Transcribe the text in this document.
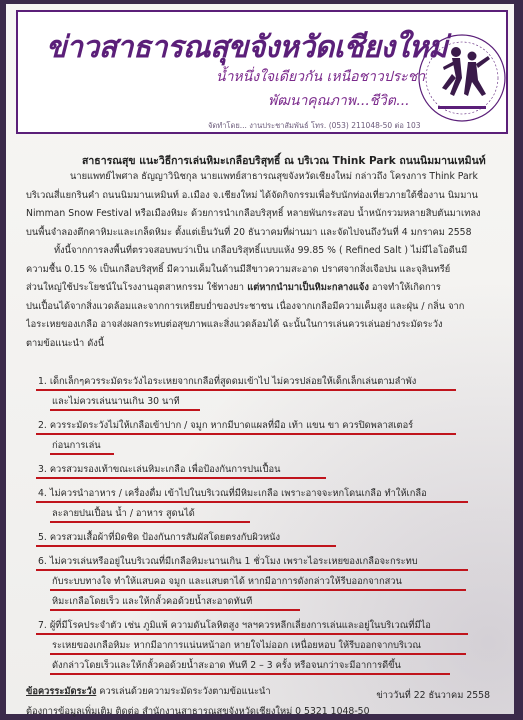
ข่าวสาธารณสุขจังหวัดเชียงใหม่
น้ำหนึ่งใจเดียวกัน เหนือชาวประชา
พัฒนาคุณภาพ...ชีวิต...
จัดทำโดย... งานประชาสัมพันธ์ โทร. (053) 211048-50 ต่อ 103
สาธารณสุข แนะวิธีการเล่นหิมะเกลือบริสุทธิ์ ณ บริเวณ Think Park ถนนนิมมานเหมินท์
นายแพทย์ไพศาล ธัญญาวินิชกุล นายแพทย์สาธารณสุขจังหวัดเชียงใหม่ กล่าวถึง โครงการ Think Park
บริเวณสี่แยกรินคำ ถนนนิมมานเหมินท์ อ.เมือง จ.เชียงใหม่ ได้จัดกิจกรรมเพื่อรับนักท่องเที่ยวภายใต้ชื่องาน นิมมาน
Nimman Snow Festival หรือเมืองหิมะ ด้วยการนำเกลือบริสุทธิ์ หลายพันกระสอบ น้ำหนักรวมหลายสิบตันมาเทลง
บนพื้นจำลองตึกคาหิมะและเกล็ดหิมะ ตั้งแต่เย็นวันที่ 20 ธันวาคมที่ผ่านมา และจัดไปจนถึงวันที่ 4 มกราคม 2558
ทั้งนี้จากการลงพื้นที่ตรวจสอบพบว่าเป็น เกลือบริสุทธิ์แบบแห้ง 99.85 % ( Refined Salt ) ไม่มีไอโอดีนมี
ความชื้น 0.15 % เป็นเกลือบริสุทธิ์ มีความเค็มในด้านมีสีขาวความสะอาด ปราศจากสิ่งเจือปน และจุลินทรีย์
ส่วนใหญ่ใช้ประโยชน์ในโรงงานอุตสาหกรรม ใช้ทางยา แต่หากนำมาเป็นหิมะกลางแจ้ง อาจทำให้เกิดการ
ปนเปื้อนได้จากสิ่งแวดล้อมและจากการเหยียบย่ำของประชาชน เนื่องจากเกลือมีความเค็มสูง และฝุ่น / กลิ่น จาก
ไอระเหยของเกลือ อาจส่งผลกระทบต่อสุขภาพและสิ่งแวดล้อมได้ ฉะนั้นในการเล่นควรเล่นอย่างระมัดระวัง
ตามข้อแนะนำ ดังนี้
1. เด็กเล็กๆควรระมัดระวังไอระเหยจากเกลือที่สูดดมเข้าไป ไม่ควรปล่อยให้เด็กเล็กเล่นตามลำพัง
และไม่ควรเล่นนานเกิน 30 นาที
2. ควรระมัดระวังไม่ให้เกลือเข้าปาก / จมูก หากมีบาดแผลที่มือ เท้า แขน ขา ควรปิดพลาสเตอร์
ก่อนการเล่น
3. ควรสวมรองเท้าขณะเล่นหิมะเกลือ เพื่อป้องกันการปนเปื้อน
4. ไม่ควรนำอาหาร / เครื่องดื่ม เข้าไปในบริเวณที่มีหิมะเกลือ เพราะอาจจะหกโดนเกลือ ทำให้เกลือ
ละลายปนเปื้อน น้ำ / อาหาร สูดนได้
5. ควรสวมเสื้อผ้าที่มิดชิด ป้องกันการสัมผัสโดยตรงกับผิวหนัง
6. ไม่ควรเล่นหรืออยู่ในบริเวณที่มีเกลือหิมะนานเกิน 1 ชั่วโมง เพราะไอระเหยของเกลือจะกระทบ
กับระบบทางใจ ทำให้แสบคอ จมูก และแสบตาได้ หากมีอาการดังกล่าวให้รีบออกจากสวน
หิมะเกลือโดยเร็ว และให้กลั้วคอด้วยน้ำสะอาดทันที
7. ผู้ที่มีโรคประจำตัว เช่น ภูมิแพ้ ความดันโลหิตสูง ฯลฯควรหลีกเลี่ยงการเล่นและอยู่ในบริเวณที่มีไอ
ระเหยของเกลือหิมะ หากมีอาการแน่นหน้าอก หายใจไม่ออก เหนื่อยหอบ ให้รีบออกจากบริเวณ
ดังกล่าวโดยเร็วและให้กลั้วคอด้วยน้ำสะอาด ทันที 2 – 3 ครั้ง หรือจนกว่าจะมีอาการดีขึ้น
ข้อควรระมัดระวัง ควรเล่นด้วยความระมัดระวังตามข้อแนะนำ
ต้องการข้อมูลเพิ่มเติม ติดต่อ สำนักงานสาธารณสุขจังหวัดเชียงใหม่ 0 5321 1048-50
ข่าววันที่ 22 ธันวาคม 2558
